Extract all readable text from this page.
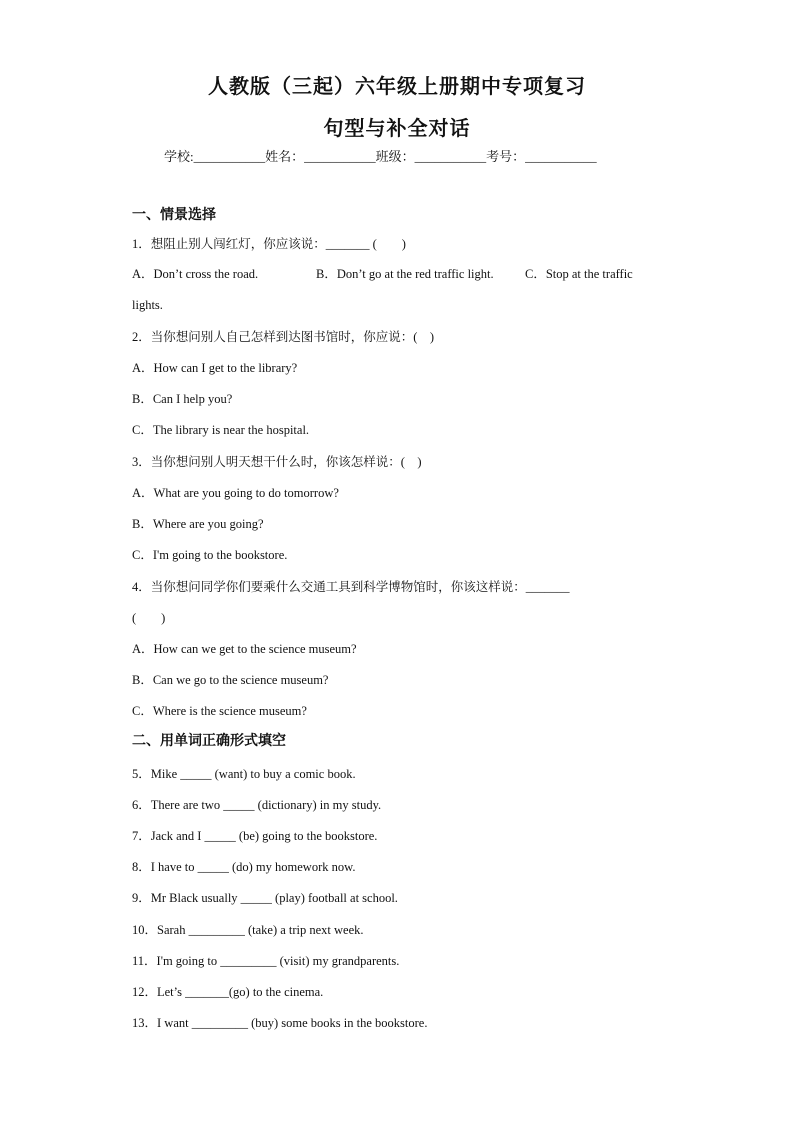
人教版（三起）六年级上册期中专项复习
句型与补全对话
学校:___________姓名：___________班级：___________考号：___________
一、情景选择
1．想阻止别人闯红灯，你应该说：_______ (　　)
A．Don’t cross the road.	B．Don’t go at the red traffic light.	C．Stop at the traffic
lights.
2．当你想问别人自己怎样到达图书馆时，你应说：(　)
A．How can I get to the library?
B．Can I help you?
C．The library is near the hospital.
3．当你想问别人明天想干什么时，你该怎样说：(　)
A．What are you going to do tomorrow?
B．Where are you going?
C．I'm going to the bookstore.
4．当你想问同学你们要乘什么交通工具到科学博物馆时，你该这样说：_______
(　　)
A．How can we get to the science museum?
B．Can we go to the science museum?
C．Where is the science museum?
二、用单词正确形式填空
5．Mike _____ (want) to buy a comic book.
6．There are two _____ (dictionary) in my study.
7．Jack and I _____ (be) going to the bookstore.
8．I have to _____ (do) my homework now.
9．Mr Black usually _____ (play) football at school.
10．Sarah _________ (take) a trip next week.
11．I'm going to _________ (visit) my grandparents.
12．Let’s _______(go) to the cinema.
13．I want _________ (buy) some books in the bookstore.
